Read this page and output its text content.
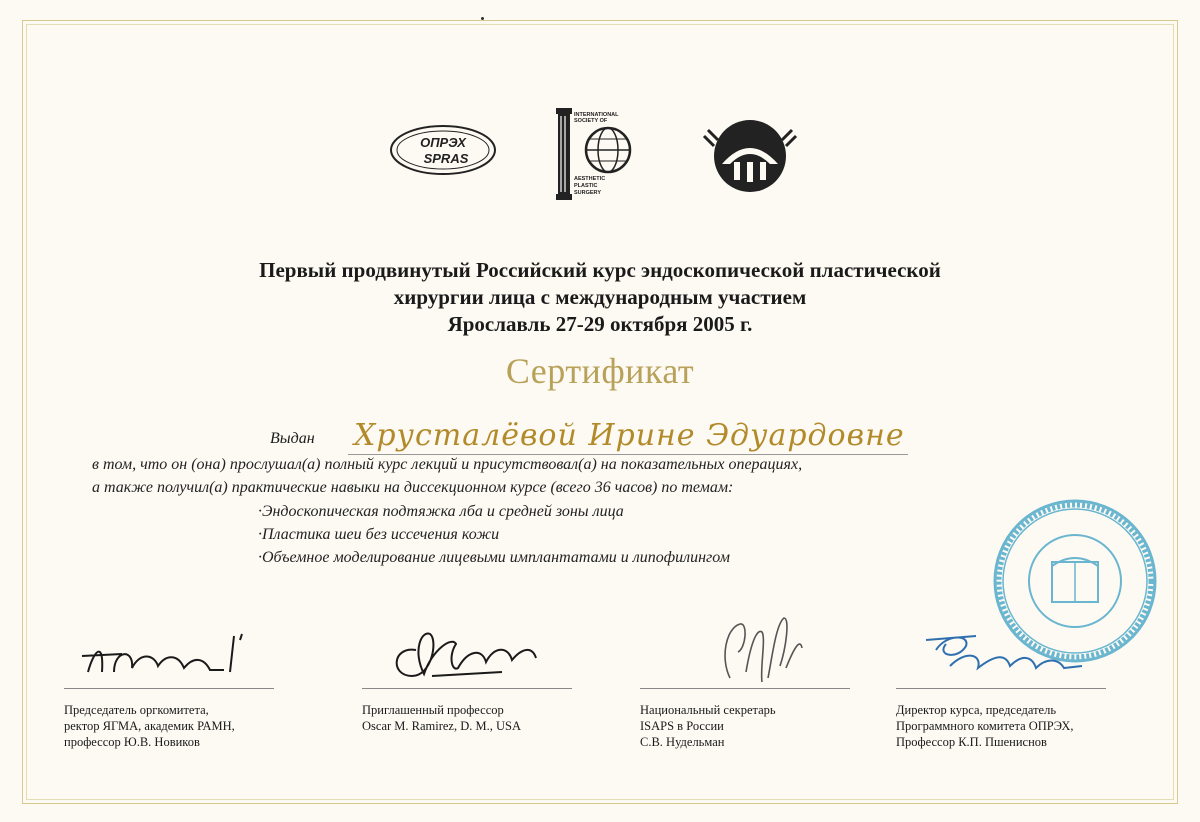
ОПРЭХ
SPRAS
INTERNATIONAL
SOCIETY OF
AESTHETIC
PLASTIC
SURGERY
Первый продвинутый Российский курс эндоскопической пластической
хирургии лица с международным участием
Ярославль 27-29 октября 2005 г.
Сертификат
Выдан Хрусталёвой Ирине Эдуардовне
в том, что он (она) прослушал(а) полный курс лекций и присутствовал(а) на показательных операциях,
а также получил(а) практические навыки на диссекционном курсе (всего 36 часов) по темам:
·Эндоскопическая подтяжка лба и средней зоны лица
·Пластика шеи без иссечения кожи
·Объемное моделирование лицевыми имплантатами и липофилингом
Председатель оргкомитета,
ректор ЯГМА, академик РАМН,
профессор Ю.В. Новиков
Приглашенный профессор
Oscar M. Ramirez, D. M., USA
Национальный секретарь
ISAPS в России
С.В. Нудельман
Директор курса, председатель
Программного комитета ОПРЭХ,
Профессор К.П. Пшениснов
